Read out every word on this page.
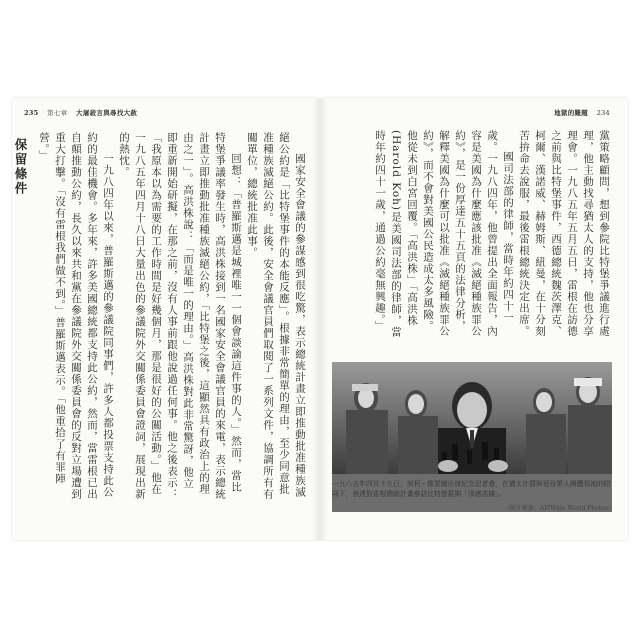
235 第七章 大屠殺言與尋找大赦

國家安全會議的參謀感到很吃驚，表示總統計畫立即推動批准種族滅絕公約是「比特堡事件的本能反應」。根據非常簡單的理由，至少同意批准種族滅絕公約。此後，安全會議官員們取閱了一系列文件，協調所有有關單位，總統批准此事。

回想：「普羅斯邁是城裡唯一一個會談論這件事的人。」然而，當比特堡爭議率發生時，高洪株接到一名國家安全會議官員的來電，表示總統計畫立即推動批准種族滅絕公約，「比特堡之後，這顯然具有政治上的理由之一」。高洪株說：「而是唯一的理由。」高洪株對此非常驚訝，他立即重新開始研擬，在那之前，沒有人事前跟他說過任何事。他之後表示：「我原本以為需要的工作時間是好幾個月，那是很好的公關活動。」他在一九八五年四月十八日大量出色的參議院外交關係委員會證詞，展現出新的熱忱。

一九八四年以來，普羅斯邁的參議院同事們，許多人都投票支持此公約的最佳機會。多年來，許多美國總統都支持此公約，然而，當雷根已出自顛推動公約，長久以來共和黨在參議院外交關係委員會的反對立場遭到重大打擊。「沒有雷根我們做不到。」普羅斯邁表示。「他重拾了有罪陣營。」

保留條件

地獄的難題 234

黨策略顧問，想到參院比特堡爭議進行處理，他主動找尋猶太人的支持，他也分享理會。一九八五年五月五日，雷根在訪德之前與比特堡事件，西德總統魏茨澤克、柯爾、漢諾威、赫姆斯、紐曼，在十分刻苦拚命去說服，最後雷根總統決定出席。

國司法部的律師，當時年約四十一歲。一九八四年，他曾提出全面報告，內容是美國為什麼應該批准《滅絕種族罪公約》，是一份厚達五十五頁的法律分析，解釋美國為什麼可以批准《滅絕種族罪公約》，而不會對美國公民造成太多風險。他從未到白宮回覆。「高洪株」「高洪株(Harold Koh)是美國司法部的律師，當時年約四十一歲，通過公約毫無興趣。」

一九八五年四月十九日，埃利・維瑟爾出席紀念記者會，在猶太社群與退役軍人團體領袖的陪同下，表達對雷根總統計畫參訪比特堡墓園「深感悲痛」。
（圖片來源：AP/Wide World Photos）
